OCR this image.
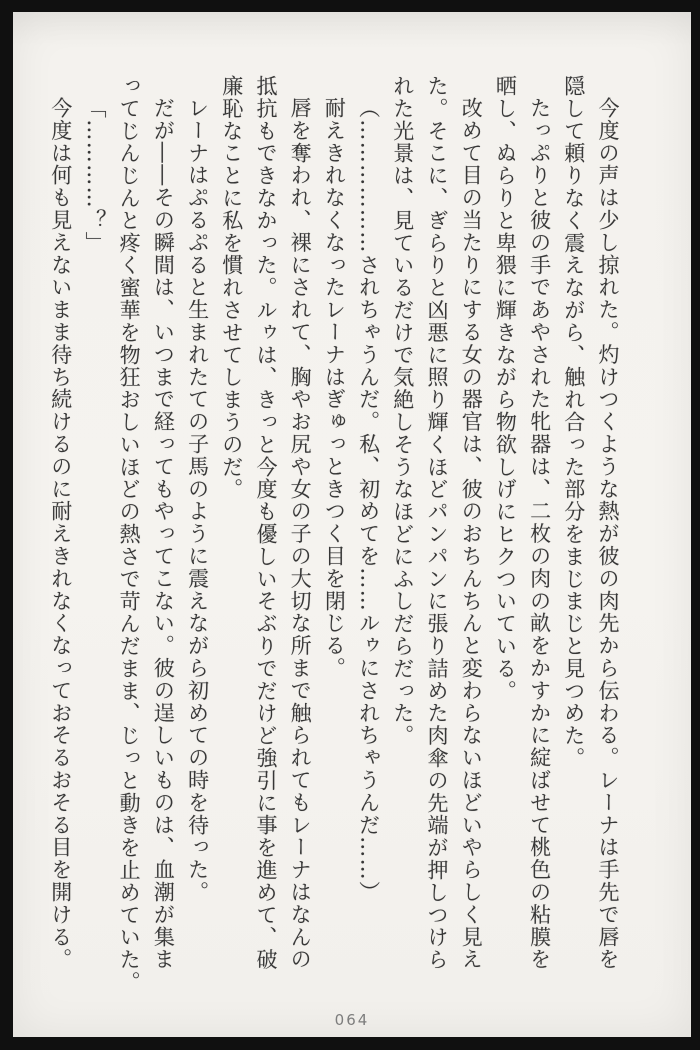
今度の声は少し掠れた。灼けつくような熱が彼の肉先から伝わる。レーナは手先で唇を
隠して頼りなく震えながら、触れ合った部分をまじまじと見つめた。
たっぷりと彼の手であやされた牝器は、二枚の肉の畝をかすかに綻ばせて桃色の粘膜を
晒し、ぬらりと卑猥に輝きながら物欲しげにヒクついている。
改めて目の当たりにする女の器官は、彼のおちんちんと変わらないほどいやらしく見え
た。そこに、ぎらりと凶悪に照り輝くほどパンパンに張り詰めた肉傘の先端が押しつけら
れた光景は、見ているだけで気絶しそうなほどにふしだらだった。
（………………されちゃうんだ。私、初めてを……ルゥにされちゃうんだ……）
耐えきれなくなったレーナはぎゅっときつく目を閉じる。
唇を奪われ、裸にされて、胸やお尻や女の子の大切な所まで触られてもレーナはなんの
抵抗もできなかった。ルゥは、きっと今度も優しいそぶりでだけど強引に事を進めて、破
廉恥なことに私を慣れさせてしまうのだ。
レーナはぷるぷると生まれたての子馬のように震えながら初めての時を待った。
だが――その瞬間は、いつまで経ってもやってこない。彼の逞しいものは、血潮が集ま
ってじんじんと疼く蜜華を物狂おしいほどの熱さで苛んだまま、じっと動きを止めていた。
「…………？」
今度は何も見えないまま待ち続けるのに耐えきれなくなっておそるおそる目を開ける。
064
